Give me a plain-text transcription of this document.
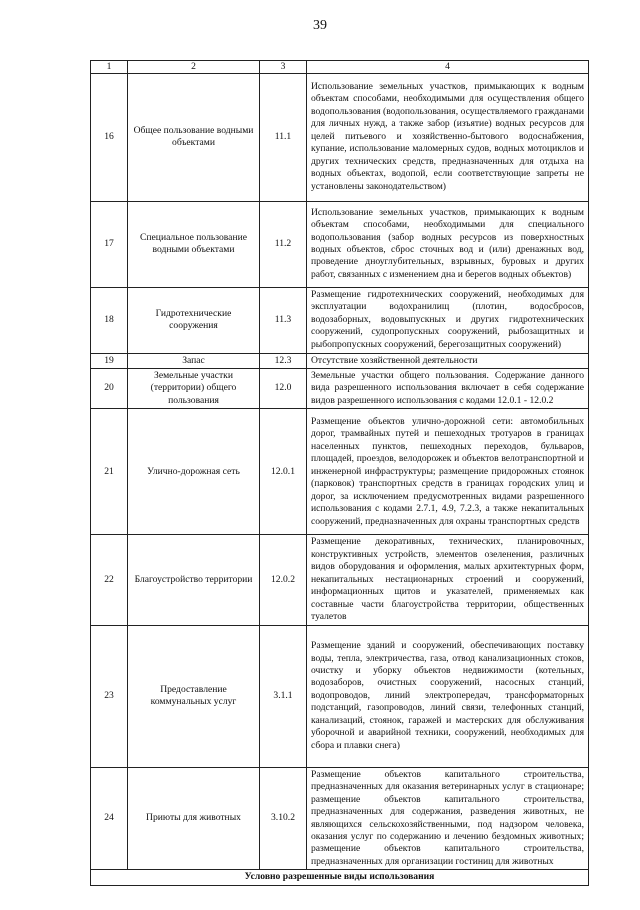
39
1	2	3	4
16	Общее пользование водными объектами	11.1	Использование земельных участков, примыкающих к водным объектам способами, необходимыми для осуществления общего водопользования (водопользования, осуществляемого гражданами для личных нужд, а также забор (изъятие) водных ресурсов для целей питьевого и хозяйственно-бытового водоснабжения, купание, использование маломерных судов, водных мотоциклов и других технических средств, предназначенных для отдыха на водных объектах, водопой, если соответствующие запреты не установлены законодательством)
17	Специальное пользование водными объектами	11.2	Использование земельных участков, примыкающих к водным объектам способами, необходимыми для специального водопользования (забор водных ресурсов из поверхностных водных объектов, сброс сточных вод и (или) дренажных вод, проведение дноуглубительных, взрывных, буровых и других работ, связанных с изменением дна и берегов водных объектов)
18	Гидротехнические сооружения	11.3	Размещение гидротехнических сооружений, необходимых для эксплуатации водохранилищ (плотин, водосбросов, водозаборных, водовыпускных и других гидротехнических сооружений, судопропускных сооружений, рыбозащитных и рыбопропускных сооружений, берегозащитных сооружений)
19	Запас	12.3	Отсутствие хозяйственной деятельности
20	Земельные участки (территории) общего пользования	12.0	Земельные участки общего пользования. Содержание данного вида разрешенного использования включает в себя содержание видов разрешенного использования с кодами 12.0.1 - 12.0.2
21	Улично-дорожная сеть	12.0.1	Размещение объектов улично-дорожной сети: автомобильных дорог, трамвайных путей и пешеходных тротуаров в границах населенных пунктов, пешеходных переходов, бульваров, площадей, проездов, велодорожек и объектов велотранспортной и инженерной инфраструктуры; размещение придорожных стоянок (парковок) транспортных средств в границах городских улиц и дорог, за исключением предусмотренных видами разрешенного использования с кодами 2.7.1, 4.9, 7.2.3, а также некапитальных сооружений, предназначенных для охраны транспортных средств
22	Благоустройство территории	12.0.2	Размещение декоративных, технических, планировочных, конструктивных устройств, элементов озеленения, различных видов оборудования и оформления, малых архитектурных форм, некапитальных нестационарных строений и сооружений, информационных щитов и указателей, применяемых как составные части благоустройства территории, общественных туалетов
23	Предоставление коммунальных услуг	3.1.1	Размещение зданий и сооружений, обеспечивающих поставку воды, тепла, электричества, газа, отвод канализационных стоков, очистку и уборку объектов недвижимости (котельных, водозаборов, очистных сооружений, насосных станций, водопроводов, линий электропередач, трансформаторных подстанций, газопроводов, линий связи, телефонных станций, канализаций, стоянок, гаражей и мастерских для обслуживания уборочной и аварийной техники, сооружений, необходимых для сбора и плавки снега)
24	Приюты для животных	3.10.2	Размещение объектов капитального строительства, предназначенных для оказания ветеринарных услуг в стационаре; размещение объектов капитального строительства, предназначенных для содержания, разведения животных, не являющихся сельскохозяйственными, под надзором человека, оказания услуг по содержанию и лечению бездомных животных; размещение объектов капитального строительства, предназначенных для организации гостиниц для животных
Условно разрешенные виды использования			
